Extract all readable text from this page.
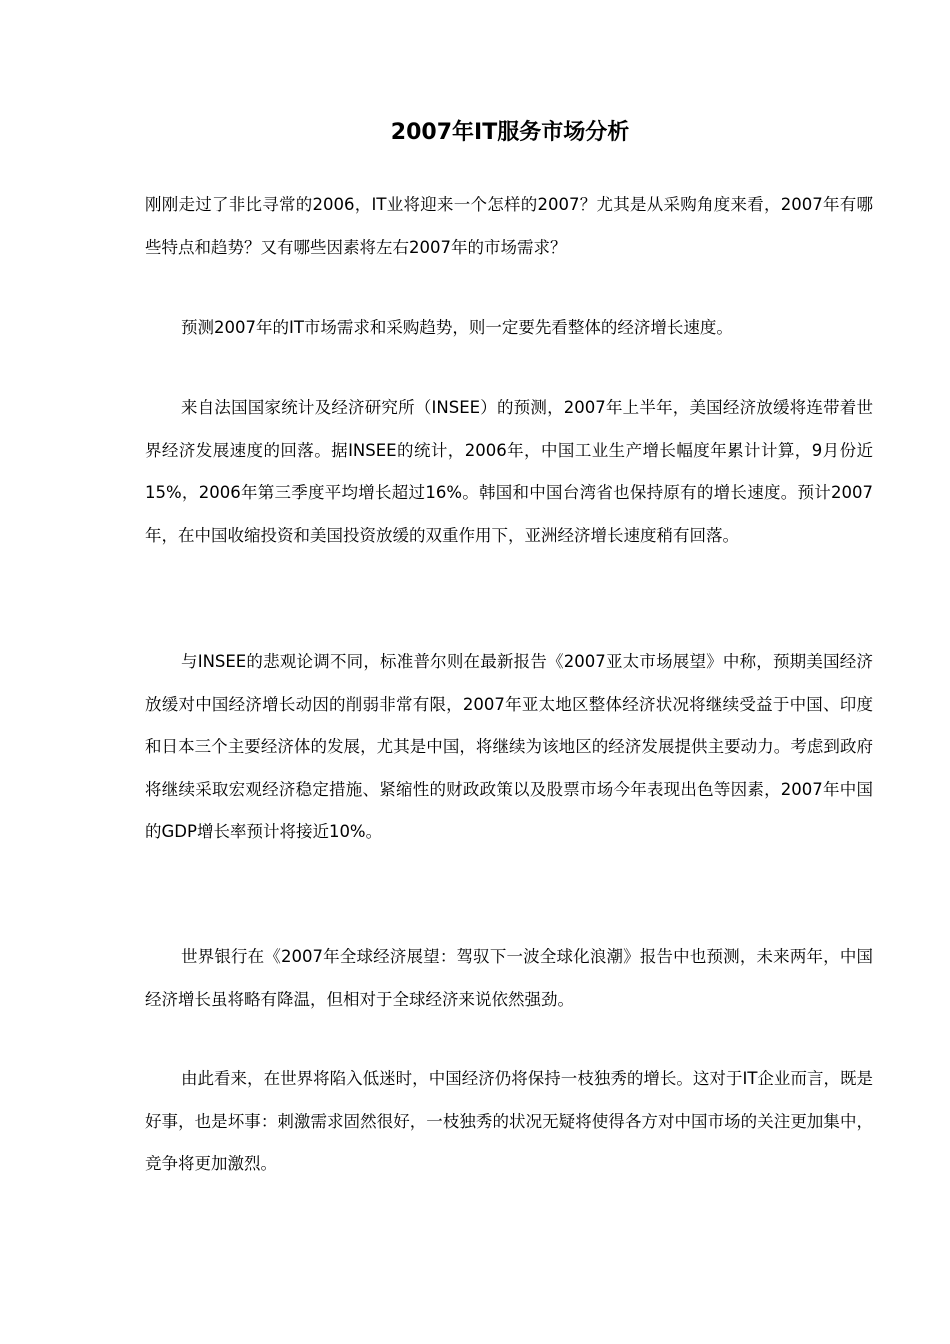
2007年IT服务市场分析

刚刚走过了非比寻常的2006，IT业将迎来一个怎样的2007？尤其是从采购角度来看，2007年有哪些特点和趋势？又有哪些因素将左右2007年的市场需求？

预测2007年的IT市场需求和采购趋势，则一定要先看整体的经济增长速度。

来自法国国家统计及经济研究所（INSEE）的预测，2007年上半年，美国经济放缓将连带着世界经济发展速度的回落。据INSEE的统计，2006年，中国工业生产增长幅度年累计计算，9月份近15%，2006年第三季度平均增长超过16%。韩国和中国台湾省也保持原有的增长速度。预计2007年，在中国收缩投资和美国投资放缓的双重作用下，亚洲经济增长速度稍有回落。

与INSEE的悲观论调不同，标准普尔则在最新报告《2007亚太市场展望》中称，预期美国经济放缓对中国经济增长动因的削弱非常有限，2007年亚太地区整体经济状况将继续受益于中国、印度和日本三个主要经济体的发展，尤其是中国，将继续为该地区的经济发展提供主要动力。考虑到政府将继续采取宏观经济稳定措施、紧缩性的财政政策以及股票市场今年表现出色等因素，2007年中国的GDP增长率预计将接近10%。

世界银行在《2007年全球经济展望：驾驭下一波全球化浪潮》报告中也预测，未来两年，中国经济增长虽将略有降温，但相对于全球经济来说依然强劲。

由此看来，在世界将陷入低迷时，中国经济仍将保持一枝独秀的增长。这对于IT企业而言，既是好事，也是坏事：刺激需求固然很好，一枝独秀的状况无疑将使得各方对中国市场的关注更加集中，竞争将更加激烈。
